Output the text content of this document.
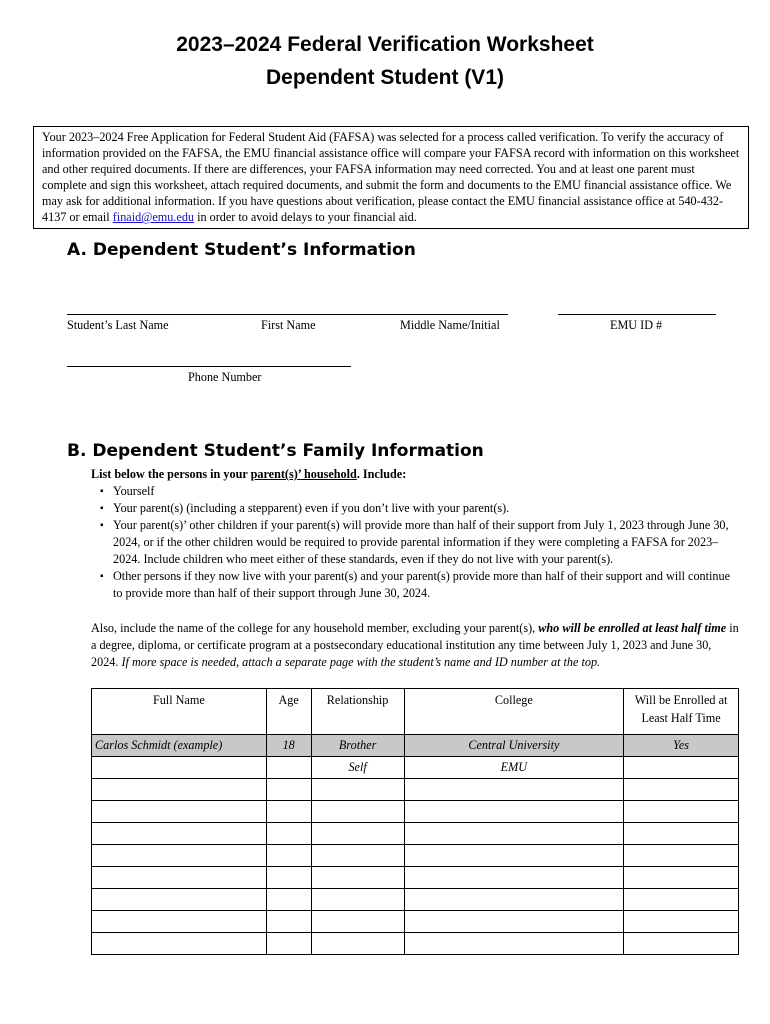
2023–2024 Federal Verification Worksheet
Dependent Student (V1)
Your 2023–2024 Free Application for Federal Student Aid (FAFSA) was selected for a process called verification. To verify the accuracy of information provided on the FAFSA, the EMU financial assistance office will compare your FAFSA record with information on this worksheet and other required documents. If there are differences, your FAFSA information may need corrected. You and at least one parent must complete and sign this worksheet, attach required documents, and submit the form and documents to the EMU financial assistance office. We may ask for additional information. If you have questions about verification, please contact the EMU financial assistance office at 540-432-4137 or email finaid@emu.edu in order to avoid delays to your financial aid.
A. Dependent Student’s Information
Student’s Last Name	First Name	Middle Name/Initial	EMU ID #
Phone Number
B. Dependent Student’s Family Information
List below the persons in your parent(s)’ household. Include:
▪ Yourself
▪ Your parent(s) (including a stepparent) even if you don’t live with your parent(s).
▪ Your parent(s)’ other children if your parent(s) will provide more than half of their support from July 1, 2023 through June 30, 2024, or if the other children would be required to provide parental information if they were completing a FAFSA for 2023–2024. Include children who meet either of these standards, even if they do not live with your parent(s).
▪ Other persons if they now live with your parent(s) and your parent(s) provide more than half of their support and will continue to provide more than half of their support through June 30, 2024.
Also, include the name of the college for any household member, excluding your parent(s), who will be enrolled at least half time in a degree, diploma, or certificate program at a postsecondary educational institution any time between July 1, 2023 and June 30, 2024. If more space is needed, attach a separate page with the student’s name and ID number at the top.
Full Name	Age	Relationship	College	Will be Enrolled at Least Half Time
Carlos Schmidt (example)	18	Brother	Central University	Yes
		Self	EMU	
